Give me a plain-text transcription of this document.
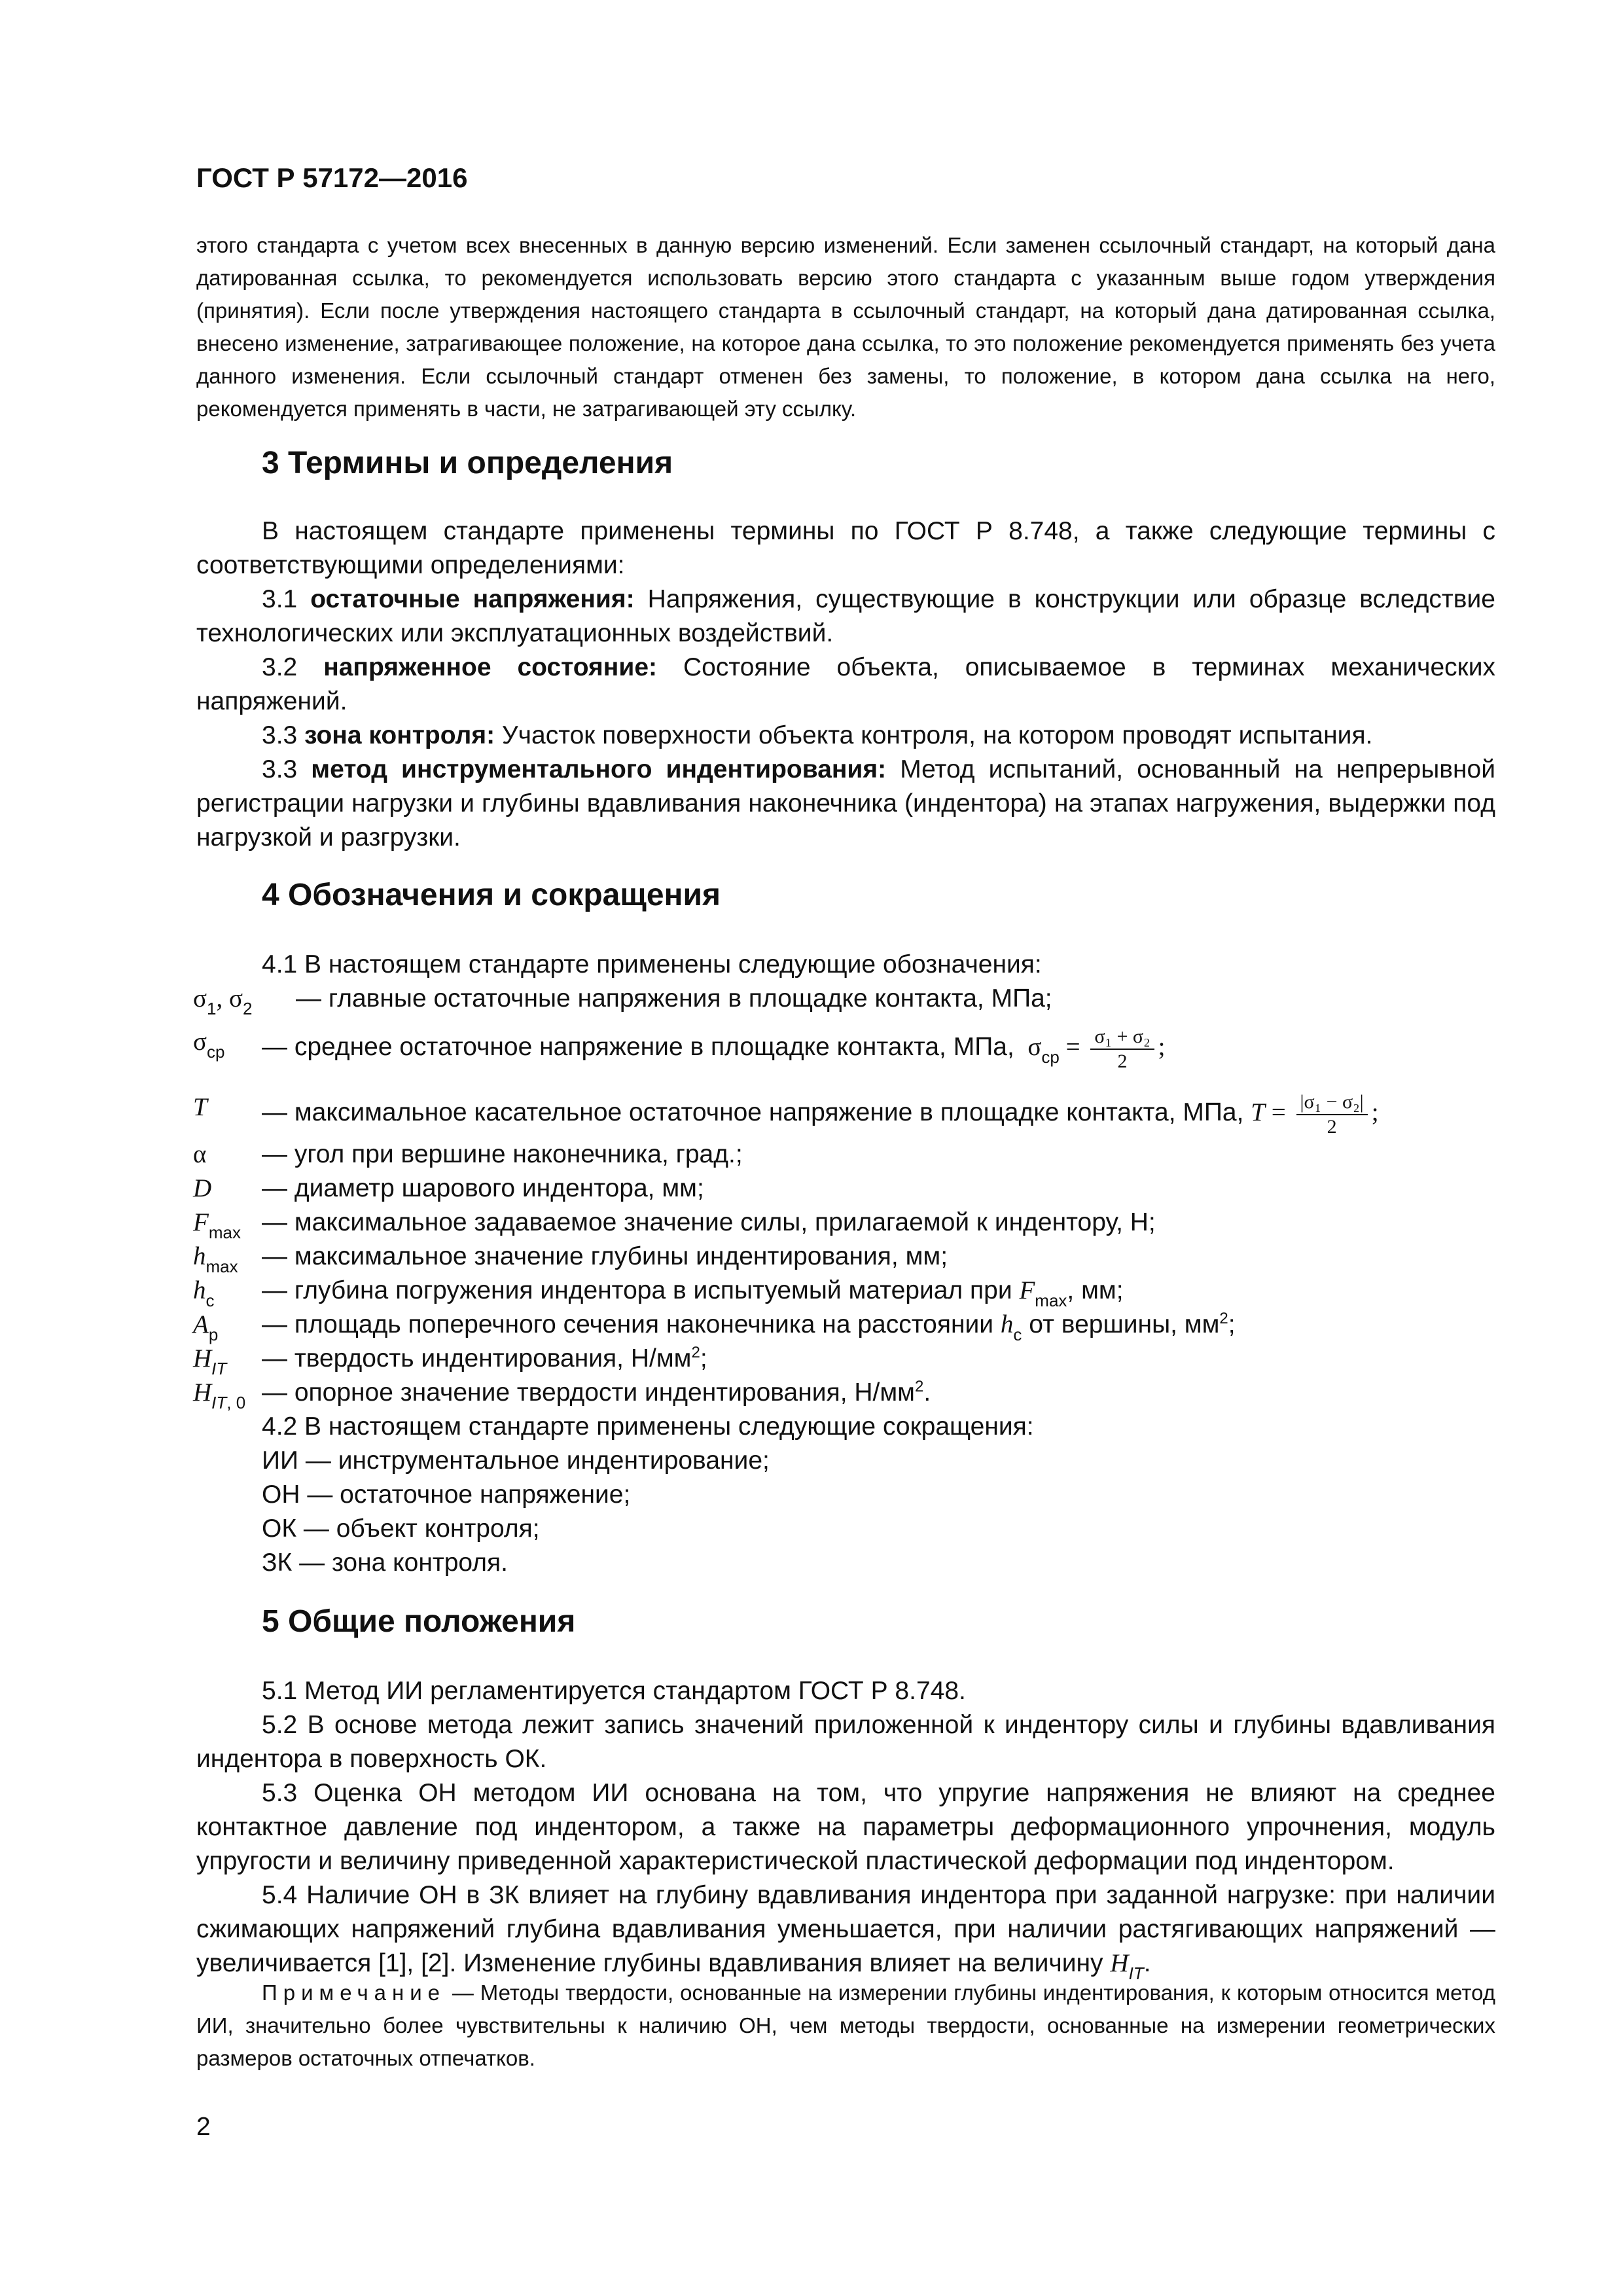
ГОСТ Р 57172—2016
этого стандарта с учетом всех внесенных в данную версию изменений. Если заменен ссылочный стандарт, на который дана датированная ссылка, то рекомендуется использовать версию этого стандарта с указанным выше годом утверждения (принятия). Если после утверждения настоящего стандарта в ссылочный стандарт, на который дана датированная ссылка, внесено изменение, затрагивающее положение, на которое дана ссылка, то это положение рекомендуется применять без учета данного изменения. Если ссылочный стандарт отменен без замены, то положение, в котором дана ссылка на него, рекомендуется применять в части, не затрагивающей эту ссылку.
3 Термины и определения
В настоящем стандарте применены термины по ГОСТ Р 8.748, а также следующие термины с соответствующими определениями:
3.1 остаточные напряжения: Напряжения, существующие в конструкции или образце вследствие технологических или эксплуатационных воздействий.
3.2 напряженное состояние: Состояние объекта, описываемое в терминах механических напряжений.
3.3 зона контроля: Участок поверхности объекта контроля, на котором проводят испытания.
3.3 метод инструментального индентирования: Метод испытаний, основанный на непрерывной регистрации нагрузки и глубины вдавливания наконечника (индентора) на этапах нагружения, выдержки под нагрузкой и разгрузки.
4 Обозначения и сокращения
4.1 В настоящем стандарте применены следующие обозначения:
$\sigma_1$, $\sigma_2$ — главные остаточные напряжения в площадке контакта, МПа;
$\sigma_{ср}$ — среднее остаточное напряжение в площадке контакта, МПа,  $\sigma_{ср} = \frac{\text{σ₁ + σ₂}}{2}$ ;
T — максимальное касательное остаточное напряжение в площадке контакта, МПа, $T = \frac{\text{|σ₁ − σ₂|}}{2}$ ;
α — угол при вершине наконечника, град.;
D — диаметр шарового индентора, мм;
$F_{max}$ — максимальное задаваемое значение силы, прилагаемой к индентору, Н;
$h_{max}$ — максимальное значение глубины индентирования, мм;
$h_c$ — глубина погружения индентора в испытуемый материал при $F_{max}$, мм;
$A_p$ — площадь поперечного сечения наконечника на расстоянии $h_c$ от вершины, $мм^2$;
$H_{IT}$ — твердость индентирования, $Н/мм^2$;
$H_{IT, 0}$ — опорное значение твердости индентирования, $Н/мм^2$.
4.2 В настоящем стандарте применены следующие сокращения:
ИИ — инструментальное индентирование;
ОН — остаточное напряжение;
ОК — объект контроля;
ЗК — зона контроля.
5 Общие положения
5.1 Метод ИИ регламентируется стандартом ГОСТ Р 8.748.
5.2 В основе метода лежит запись значений приложенной к индентору силы и глубины вдавливания индентора в поверхность ОК.
5.3 Оценка ОН методом ИИ основана на том, что упругие напряжения не влияют на среднее контактное давление под индентором, а также на параметры деформационного упрочнения, модуль упругости и величину приведенной характеристической пластической деформации под индентором.
5.4 Наличие ОН в ЗК влияет на глубину вдавливания индентора при заданной нагрузке: при наличии сжимающих напряжений глубина вдавливания уменьшается, при наличии растягивающих напряжений — увеличивается [1], [2]. Изменение глубины вдавливания влияет на величину $H_{IT}$.
Примечание — Методы твердости, основанные на измерении глубины индентирования, к которым относится метод ИИ, значительно более чувствительны к наличию ОН, чем методы твердости, основанные на измерении геометрических размеров остаточных отпечатков.
2
